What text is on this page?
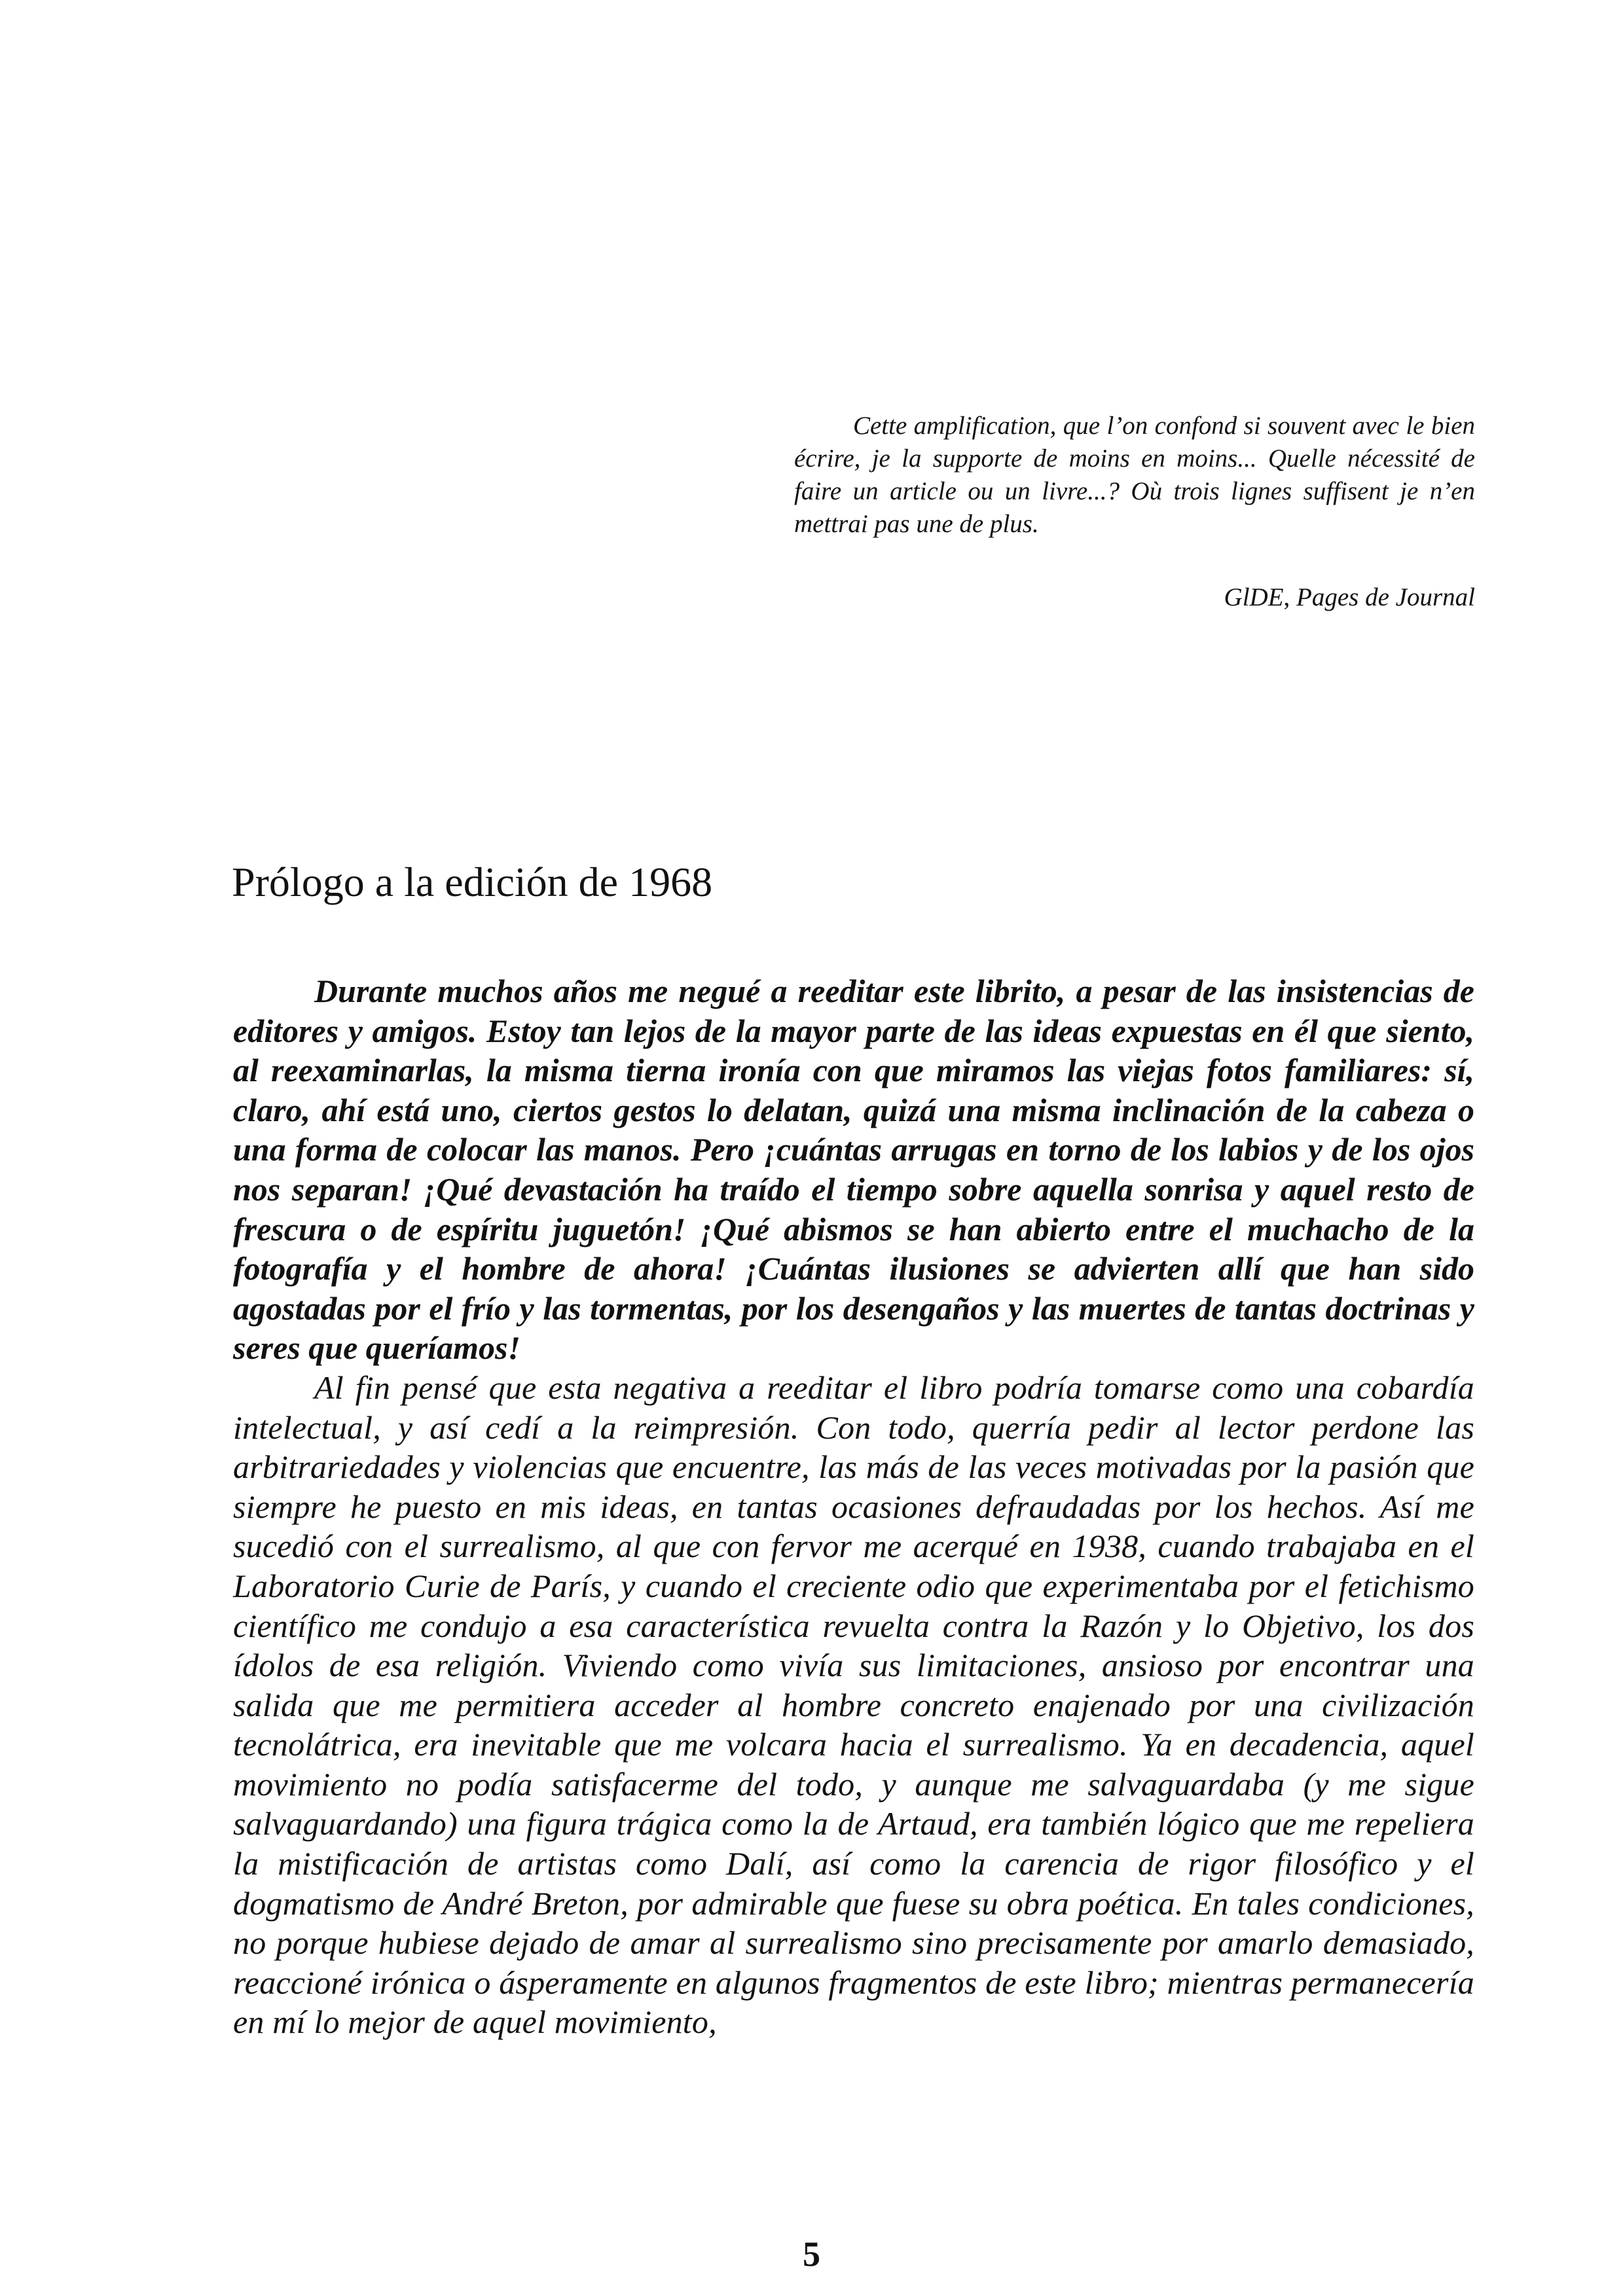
Cette amplification, que l’on confond si souvent avec le bien écrire, je la supporte de moins en moins... Quelle nécessité de faire un article ou un livre...? Où trois lignes suffisent je n’en mettrai pas une de plus.

GlDE, Pages de Journal

Prólogo a la edición de 1968

Durante muchos años me negué a reeditar este librito, a pesar de las insistencias de editores y amigos. Estoy tan lejos de la mayor parte de las ideas expuestas en él que siento, al reexaminarlas, la misma tierna ironía con que miramos las viejas fotos familiares: sí, claro, ahí está uno, ciertos gestos lo delatan, quizá una misma inclinación de la cabeza o una forma de colocar las manos. Pero ¡cuántas arrugas en torno de los labios y de los ojos nos separan! ¡Qué devastación ha traído el tiempo sobre aquella sonrisa y aquel resto de frescura o de espíritu juguetón! ¡Qué abismos se han abierto entre el muchacho de la fotografía y el hombre de ahora! ¡Cuántas ilusiones se advierten allí que han sido agostadas por el frío y las tormentas, por los desengaños y las muertes de tantas doctrinas y seres que queríamos!

Al fin pensé que esta negativa a reeditar el libro podría tomarse como una cobardía intelectual, y así cedí a la reimpresión. Con todo, querría pedir al lector perdone las arbitrariedades y violencias que encuentre, las más de las veces motivadas por la pasión que siempre he puesto en mis ideas, en tantas ocasiones defraudadas por los hechos. Así me sucedió con el surrealismo, al que con fervor me acerqué en 1938, cuando trabajaba en el Laboratorio Curie de París, y cuando el creciente odio que experimentaba por el fetichismo científico me condujo a esa característica revuelta contra la Razón y lo Objetivo, los dos ídolos de esa religión. Viviendo como vivía sus limitaciones, ansioso por encontrar una salida que me permitiera acceder al hombre concreto enajenado por una civilización tecnolátrica, era inevitable que me volcara hacia el surrealismo. Ya en decadencia, aquel movimiento no podía satisfacerme del todo, y aunque me salvaguardaba (y me sigue salvaguardando) una figura trágica como la de Artaud, era también lógico que me repeliera la mistificación de artistas como Dalí, así como la carencia de rigor filosófico y el dogmatismo de André Breton, por admirable que fuese su obra poética. En tales condiciones, no porque hubiese dejado de amar al surrealismo sino precisamente por amarlo demasiado, reaccioné irónica o ásperamente en algunos fragmentos de este libro; mientras permanecería en mí lo mejor de aquel movimiento,

5
